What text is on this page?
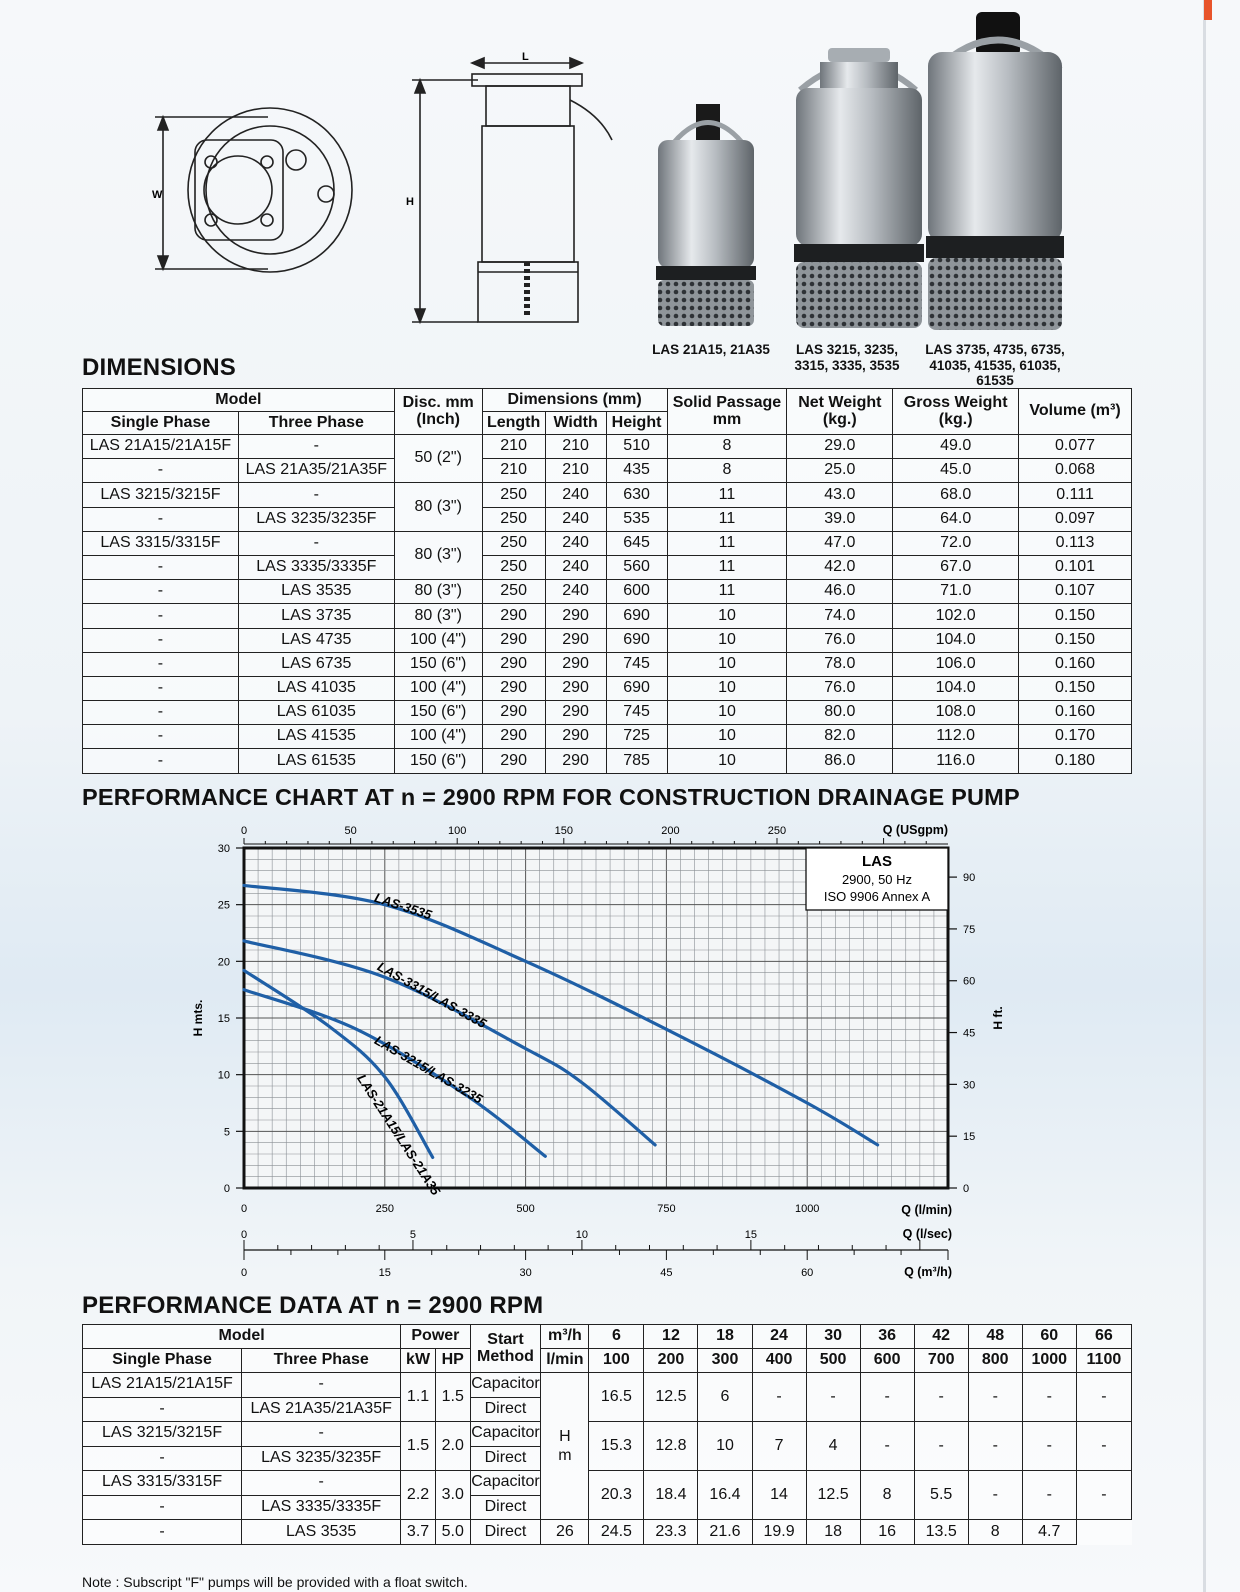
W
H
L
LAS 21A15, 21A35	LAS 3215, 3235, 3315, 3335, 3535
LAS 3735, 4735, 6735, 41035, 41535, 61035, 61535
DIMENSIONS
Model		Disc. mm (Inch)	Dimensions (mm)			Solid Passage mm	Net Weight (kg.)	Gross Weight (kg.)	Volume (m³)
Single Phase	Three Phase		Length	Width	Height				
LAS 21A15/21A15F	-	50 (2")	210	210	510	8	29.0	49.0	0.077
-	LAS 21A35/21A35F		210	210	435	8	25.0	45.0	0.068
LAS 3215/3215F	-	80 (3")	250	240	630	11	43.0	68.0	0.111
-	LAS 3235/3235F		250	240	535	11	39.0	64.0	0.097
LAS 3315/3315F	-	80 (3")	250	240	645	11	47.0	72.0	0.113
-	LAS 3335/3335F		250	240	560	11	42.0	67.0	0.101
-	LAS 3535	80 (3")	250	240	600	11	46.0	71.0	0.107
-	LAS 3735	80 (3")	290	290	690	10	74.0	102.0	0.150
-	LAS 4735	100 (4")	290	290	690	10	76.0	104.0	0.150
-	LAS 6735	150 (6")	290	290	745	10	78.0	106.0	0.160
-	LAS 41035	100 (4")	290	290	690	10	76.0	104.0	0.150
-	LAS 61035	150 (6")	290	290	745	10	80.0	108.0	0.160
-	LAS 41535	100 (4")	290	290	725	10	82.0	112.0	0.170
-	LAS 61535	150 (6")	290	290	785	10	86.0	116.0	0.180
PERFORMANCE CHART AT n = 2900 RPM FOR CONSTRUCTION DRAINAGE PUMP
0
5
10
15
20
25
30
H mts.
0
15
30
45
60
75
90
H ft.
0	250	500	750	1000	Q (l/min)
0	50	100	150	200	250	Q (USgpm)
0	5	10	15	Q (l/sec)
0	15	30	45	60	Q (m³/h)
LAS-3535
LAS-3315/LAS-3335
LAS-3215/LAS-3235
LAS-21A15/LAS-21A35
LAS
2900, 50 Hz
ISO 9906 Annex A
PERFORMANCE DATA AT n = 2900 RPM
Model		Power		Start Method	m³/h	6	12	18	24	30	36	42	48	60	66
Single Phase	Three Phase	kW	HP		l/min	100	200	300	400	500	600	700	800	1000	1100
LAS 21A15/21A15F	-	1.1	1.5	Capacitor	H m	16.5	12.5	6	-	-	-	-	-	-	-
-	LAS 21A35/21A35F			Direct											
LAS 3215/3215F	-	1.5	2.0	Capacitor		15.3	12.8	10	7	4	-	-	-	-	-
-	LAS 3235/3235F			Direct											
LAS 3315/3315F	-	2.2	3.0	Capacitor		20.3	18.4	16.4	14	12.5	8	5.5	-	-	-
-	LAS 3335/3335F			Direct											
-	LAS 3535	3.7	5.0	Direct	26	24.5	23.3	21.6	19.9	18	16	13.5	8	4.7	
Note : Subscript "F" pumps will be provided with a float switch.
